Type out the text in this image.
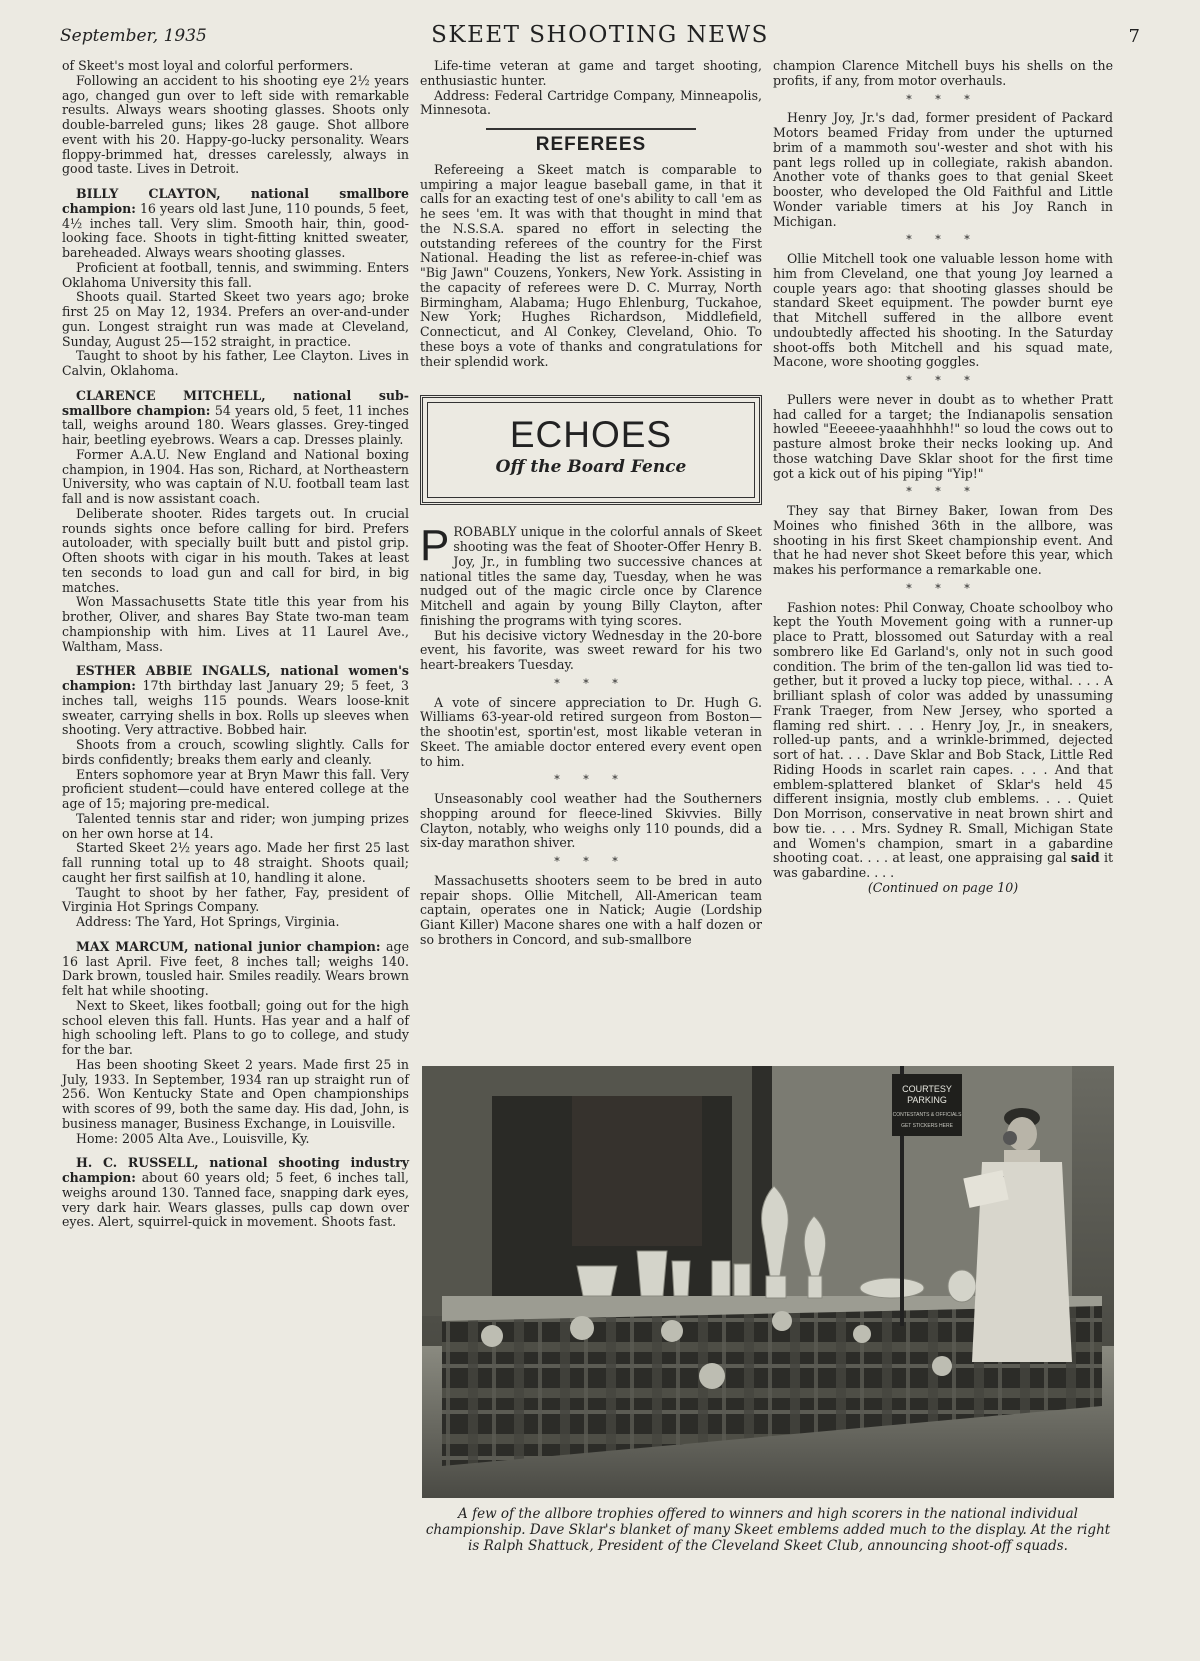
September, 1935	SKEET SHOOTING NEWS	7

of Skeet's most loyal and colorful performers.

Following an accident to his shooting eye 2½ years ago, changed gun over to left side with remarkable results. Always wears shooting glasses. Shoots only double-barreled guns; likes 28 gauge. Shot allbore event with his 20. Happy-go-lucky personality. Wears floppy-brimmed hat, dresses carelessly, always in good taste. Lives in Detroit.

BILLY CLAYTON, national smallbore champion: 16 years old last June, 110 pounds, 5 feet, 4½ inches tall. Very slim. Smooth hair, thin, good-looking face. Shoots in tight-fitting knitted sweater, bareheaded. Always wears shooting glasses.

Proficient at football, tennis, and swimming. Enters Oklahoma University this fall.

Shoots quail. Started Skeet two years ago; broke first 25 on May 12, 1934. Prefers an over-and-under gun. Longest straight run was made at Cleveland, Sunday, August 25—152 straight, in practice.

Taught to shoot by his father, Lee Clayton. Lives in Calvin, Oklahoma.

CLARENCE MITCHELL, national sub-smallbore champion: 54 years old, 5 feet, 11 inches tall, weighs around 180. Wears glasses. Grey-tinged hair, beetling eyebrows. Wears a cap. Dresses plainly.

Former A.A.U. New England and National boxing champion, in 1904. Has son, Richard, at Northeastern University, who was captain of N.U. football team last fall and is now assistant coach.

Deliberate shooter. Rides targets out. In crucial rounds sights once before calling for bird. Prefers autoloader, with specially built butt and pistol grip. Often shoots with cigar in his mouth. Takes at least ten seconds to load gun and call for bird, in big matches.

Won Massachusetts State title this year from his brother, Oliver, and shares Bay State two-man team championship with him. Lives at 11 Laurel Ave., Waltham, Mass.

ESTHER ABBIE INGALLS, national women's champion: 17th birthday last January 29; 5 feet, 3 inches tall, weighs 115 pounds. Wears loose-knit sweater, carrying shells in box. Rolls up sleeves when shooting. Very attractive. Bobbed hair.

Shoots from a crouch, scowling slightly. Calls for birds confidently; breaks them early and cleanly.

Enters sophomore year at Bryn Mawr this fall. Very proficient student—could have entered college at the age of 15; majoring pre-medical.

Talented tennis star and rider; won jumping prizes on her own horse at 14.

Started Skeet 2½ years ago. Made her first 25 last fall running total up to 48 straight. Shoots quail; caught her first sailfish at 10, handling it alone.

Taught to shoot by her father, Fay, president of Virginia Hot Springs Company.

Address: The Yard, Hot Springs, Virginia.

MAX MARCUM, national junior champion: age 16 last April. Five feet, 8 inches tall; weighs 140. Dark brown, tousled hair. Smiles readily. Wears brown felt hat while shooting.

Next to Skeet, likes football; going out for the high school eleven this fall. Hunts. Has year and a half of high schooling left. Plans to go to college, and study for the bar.

Has been shooting Skeet 2 years. Made first 25 in July, 1933. In September, 1934 ran up straight run of 256. Won Kentucky State and Open championships with scores of 99, both the same day. His dad, John, is business manager, Business Exchange, in Louisville.

Home: 2005 Alta Ave., Louisville, Ky.

H. C. RUSSELL, national shooting industry champion: about 60 years old; 5 feet, 6 inches tall, weighs around 130. Tanned face, snapping dark eyes, very dark hair. Wears glasses, pulls cap down over eyes. Alert, squirrel-quick in movement. Shoots fast.

Life-time veteran at game and target shooting, enthusiastic hunter.

Address: Federal Cartridge Company, Minneapolis, Minnesota.

REFEREES

Refereeing a Skeet match is comparable to umpiring a major league baseball game, in that it calls for an exacting test of one's ability to call 'em as he sees 'em. It was with that thought in mind that the N.S.S.A. spared no effort in selecting the outstanding referees of the country for the First National. Heading the list as referee-in-chief was "Big Jawn" Couzens, Yonkers, New York. Assisting in the capacity of referees were D. C. Murray, North Birmingham, Alabama; Hugo Ehlenburg, Tuckahoe, New York; Hughes Richardson, Middlefield, Connecticut, and Al Conkey, Cleveland, Ohio. To these boys a vote of thanks and congratulations for their splendid work.

ECHOES
Off the Board Fence

PROBABLY unique in the colorful annals of Skeet shooting was the feat of Shooter-Offer Henry B. Joy, Jr., in fumbling two successive chances at national titles the same day, Tuesday, when he was nudged out of the magic circle once by Clarence Mitchell and again by young Billy Clayton, after finishing the programs with tying scores.

But his decisive victory Wednesday in the 20-bore event, his favorite, was sweet reward for his two heart-breakers Tuesday.

* * *

A vote of sincere appreciation to Dr. Hugh G. Williams 63-year-old retired surgeon from Boston—the shootin'est, sportin'est, most likable veteran in Skeet. The amiable doctor entered every event open to him.

* * *

Unseasonably cool weather had the Southerners shopping around for fleece-lined Skivvies. Billy Clayton, notably, who weighs only 110 pounds, did a six-day marathon shiver.

* * *

Massachusetts shooters seem to be bred in auto repair shops. Ollie Mitchell, All-American team captain, operates one in Natick; Augie (Lordship Giant Killer) Macone shares one with a half dozen or so brothers in Concord, and sub-smallbore

champion Clarence Mitchell buys his shells on the profits, if any, from motor overhauls.

* * *

Henry Joy, Jr.'s dad, former president of Packard Motors beamed Friday from under the upturned brim of a mammoth sou'-wester and shot with his pant legs rolled up in collegiate, rakish abandon. Another vote of thanks goes to that genial Skeet booster, who developed the Old Faithful and Little Wonder variable timers at his Joy Ranch in Michigan.

* * *

Ollie Mitchell took one valuable lesson home with him from Cleveland, one that young Joy learned a couple years ago: that shooting glasses should be standard Skeet equipment. The powder burnt eye that Mitchell suffered in the allbore event undoubtedly affected his shooting. In the Saturday shoot-offs both Mitchell and his squad mate, Macone, wore shooting goggles.

* * *

Pullers were never in doubt as to whether Pratt had called for a target; the Indianapolis sensation howled "Eeeeee-yaaahhhhh!" so loud the cows out to pasture almost broke their necks looking up. And those watching Dave Sklar shoot for the first time got a kick out of his piping "Yip!"

* * *

They say that Birney Baker, Iowan from Des Moines who finished 36th in the allbore, was shooting in his first Skeet championship event. And that he had never shot Skeet before this year, which makes his performance a remarkable one.

* * *

Fashion notes: Phil Conway, Choate schoolboy who kept the Youth Movement going with a runner-up place to Pratt, blossomed out Saturday with a real sombrero like Ed Garland's, only not in such good condition. The brim of the ten-gallon lid was tied to-gether, but it proved a lucky top piece, withal. . . . A brilliant splash of color was added by unassuming Frank Traeger, from New Jersey, who sported a flaming red shirt. . . . Henry Joy, Jr., in sneakers, rolled-up pants, and a wrinkle-brimmed, dejected sort of hat. . . . Dave Sklar and Bob Stack, Little Red Riding Hoods in scarlet rain capes. . . . And that emblem-splattered blanket of Sklar's held 45 different insignia, mostly club emblems. . . . Quiet Don Morrison, conservative in neat brown shirt and bow tie. . . . Mrs. Sydney R. Small, Michigan State and Women's champion, smart in a gabardine shooting coat. . . . at least, one appraising gal said it was gabardine. . . .

(Continued on page 10)
COURTESY
PARKING
CONTESTANTS & OFFICIALS
GET STICKERS HERE
A few of the allbore trophies offered to winners and high scorers in the national individual championship. Dave Sklar's blanket of many Skeet emblems added much to the display. At the right is Ralph Shattuck, President of the Cleveland Skeet Club, announcing shoot-off squads.
